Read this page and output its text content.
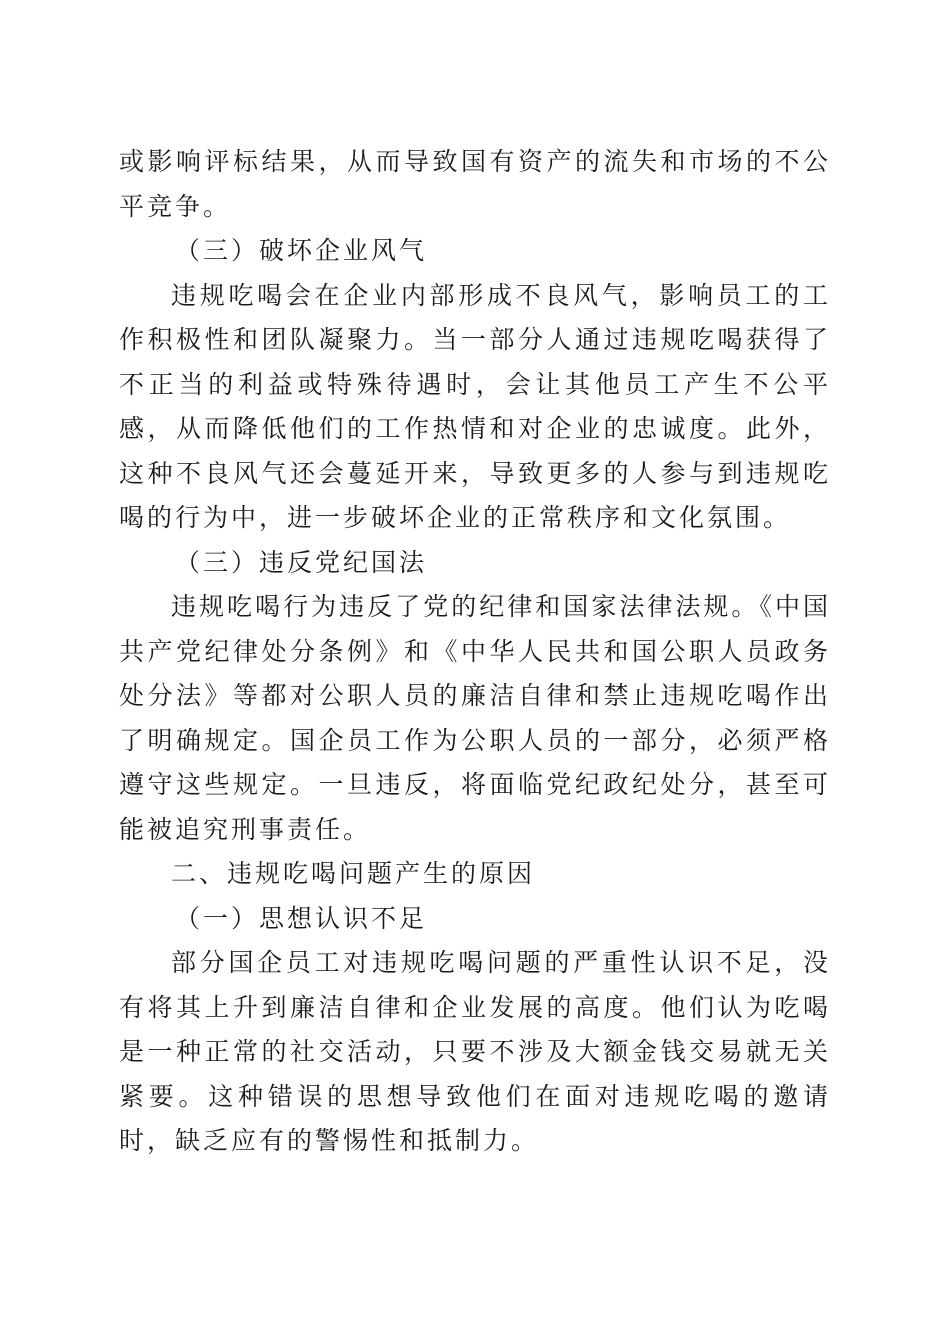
或影响评标结果，从而导致国有资产的流失和市场的不公平竞争。

（三）破坏企业风气

违规吃喝会在企业内部形成不良风气，影响员工的工作积极性和团队凝聚力。当一部分人通过违规吃喝获得了不正当的利益或特殊待遇时，会让其他员工产生不公平感，从而降低他们的工作热情和对企业的忠诚度。此外，这种不良风气还会蔓延开来，导致更多的人参与到违规吃喝的行为中，进一步破坏企业的正常秩序和文化氛围。

（三）违反党纪国法

违规吃喝行为违反了党的纪律和国家法律法规。《中国共产党纪律处分条例》和《中华人民共和国公职人员政务处分法》等都对公职人员的廉洁自律和禁止违规吃喝作出了明确规定。国企员工作为公职人员的一部分，必须严格遵守这些规定。一旦违反，将面临党纪政纪处分，甚至可能被追究刑事责任。

二、违规吃喝问题产生的原因

（一）思想认识不足

部分国企员工对违规吃喝问题的严重性认识不足，没有将其上升到廉洁自律和企业发展的高度。他们认为吃喝是一种正常的社交活动，只要不涉及大额金钱交易就无关紧要。这种错误的思想导致他们在面对违规吃喝的邀请时，缺乏应有的警惕性和抵制力。
